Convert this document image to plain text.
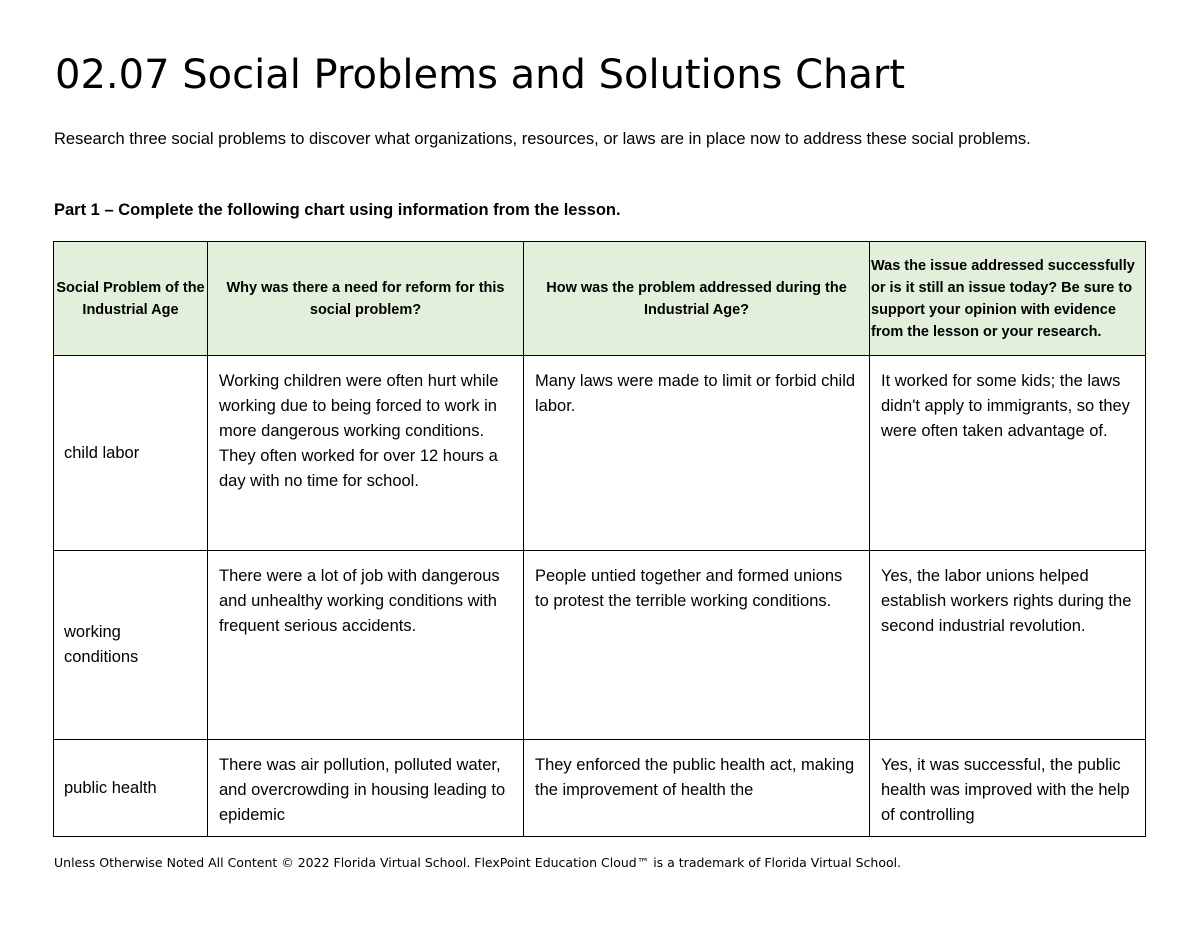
02.07 Social Problems and Solutions Chart

Research three social problems to discover what organizations, resources, or laws are in place now to address these social problems.

Part 1 – Complete the following chart using information from the lesson.

Social Problem of the Industrial Age	Why was there a need for reform for this social problem?	How was the problem addressed during the Industrial Age?	Was the issue addressed successfully or is it still an issue today? Be sure to support your opinion with evidence from the lesson or your research.
child labor	Working children were often hurt while working due to being forced to work in more dangerous working conditions. They often worked for over 12 hours a day with no time for school.	Many laws were made to limit or forbid child labor.	It worked for some kids; the laws didn't apply to immigrants, so they were often taken advantage of.
working conditions	There were a lot of job with dangerous and unhealthy working conditions with frequent serious accidents.	People untied together and formed unions to protest the terrible working conditions.	Yes, the labor unions helped establish workers rights during the second industrial revolution.
public health	There was air pollution, polluted water, and overcrowding in housing leading to epidemic	They enforced the public health act, making the improvement of health the	Yes, it was successful, the public health was improved with the help of controlling

Unless Otherwise Noted All Content © 2022 Florida Virtual School. FlexPoint Education Cloud™ is a trademark of Florida Virtual School.
